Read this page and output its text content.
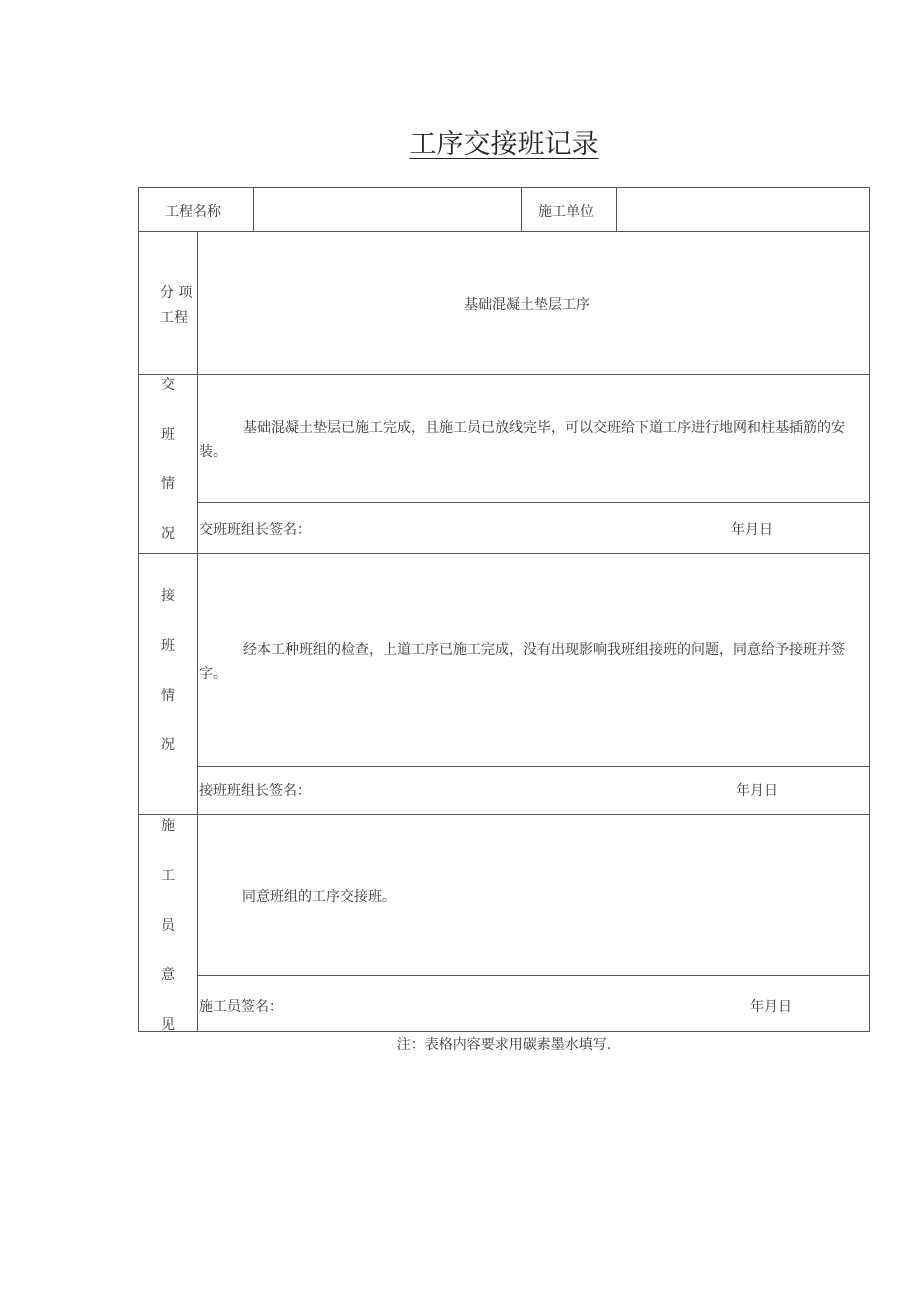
工序交接班记录
工程名称	施工单位
分 项
工程
基础混凝土垫层工序
交
班
情
况
基础混凝土垫层已施工完成，且施工员已放线完毕，可以交班给下道工序进行地网和柱基插筋的安装。
交班班组长签名：	年月日
接
班
情
况
经本工种班组的检查，上道工序已施工完成，没有出现影响我班组接班的问题，同意给予接班并签字。
接班班组长签名：	年月日
施
工
员
意
见
同意班组的工序交接班。
施工员签名：	年月日
注：表格内容要求用碳素墨水填写.
